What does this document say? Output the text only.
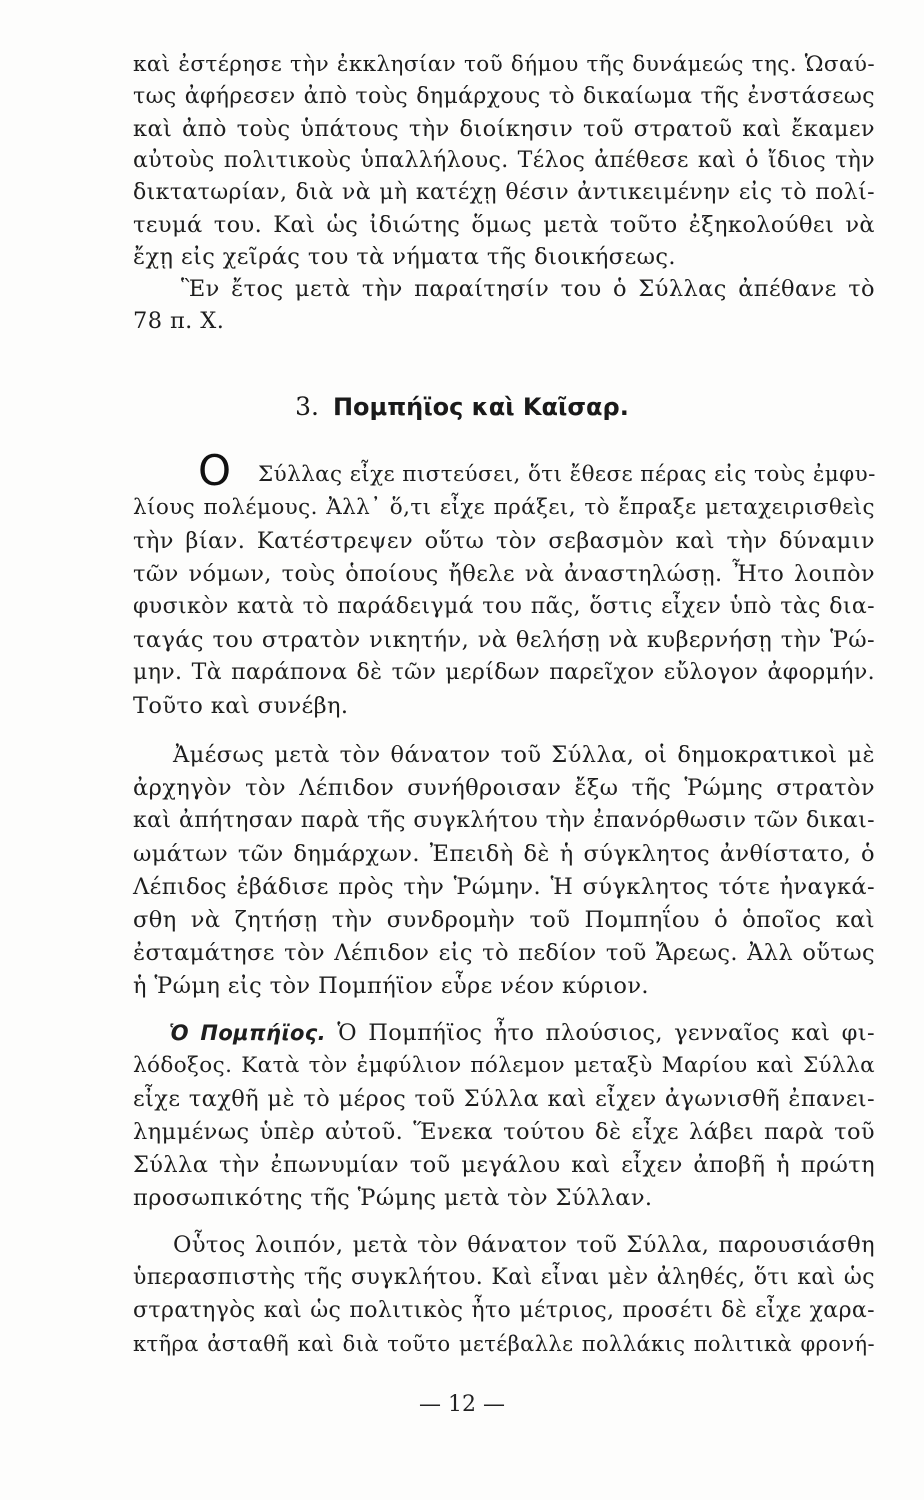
καὶ ἐστέρησε τὴν ἐκκλησίαν τοῦ δήμου τῆς δυνάμεώς της. Ὡσαύ-
τως ἀφήρεσεν ἀπὸ τοὺς δημάρχους τὸ δικαίωμα τῆς ἐνστάσεως
καὶ ἀπὸ τοὺς ὑπάτους τὴν διοίκησιν τοῦ στρατοῦ καὶ ἔκαμεν
αὐτοὺς πολιτικοὺς ὑπαλλήλους. Τέλος ἀπέθεσε καὶ ὁ ἴδιος τὴν
δικτατωρίαν, διὰ νὰ μὴ κατέχῃ θέσιν ἀντικειμένην εἰς τὸ πολί-
τευμά του. Καὶ ὡς ἰδιώτης ὅμως μετὰ τοῦτο ἐξηκολούθει νὰ
ἔχῃ εἰς χεῖράς του τὰ νήματα τῆς διοικήσεως.
Ἓν ἔτος μετὰ τὴν παραίτησίν του ὁ Σύλλας ἀπέθανε τὸ
78 π. Χ.
3. Πομπήϊος καὶ Καῖσαρ.
Ο Σύλλας εἶχε πιστεύσει, ὅτι ἔθεσε πέρας εἰς τοὺς ἐμφυ-
λίους πολέμους. Ἀλλ᾽ ὅ,τι εἶχε πράξει, τὸ ἔπραξε μεταχειρισθεὶς
τὴν βίαν. Κατέστρεψεν οὕτω τὸν σεβασμὸν καὶ τὴν δύναμιν
τῶν νόμων, τοὺς ὁποίους ἤθελε νὰ ἀναστηλώσῃ. Ἦτο λοιπὸν
φυσικὸν κατὰ τὸ παράδειγμά του πᾶς, ὅστις εἶχεν ὑπὸ τὰς δια-
ταγάς του στρατὸν νικητήν, νὰ θελήσῃ νὰ κυβερνήσῃ τὴν Ῥώ-
μην. Τὰ παράπονα δὲ τῶν μερίδων παρεῖχον εὔλογον ἀφορμήν.
Τοῦτο καὶ συνέβη.
Ἀμέσως μετὰ τὸν θάνατον τοῦ Σύλλα, οἱ δημοκρατικοὶ μὲ
ἀρχηγὸν τὸν Λέπιδον συνήθροισαν ἔξω τῆς Ῥώμης στρατὸν
καὶ ἀπήτησαν παρὰ τῆς συγκλήτου τὴν ἐπανόρθωσιν τῶν δικαι-
ωμάτων τῶν δημάρχων. Ἐπειδὴ δὲ ἡ σύγκλητος ἀνθίστατο, ὁ
Λέπιδος ἐβάδισε πρὸς τὴν Ῥώμην. Ἡ σύγκλητος τότε ἠναγκά-
σθη νὰ ζητήσῃ τὴν συνδρομὴν τοῦ Πομπηΐου ὁ ὁποῖος καὶ
ἐσταμάτησε τὸν Λέπιδον εἰς τὸ πεδίον τοῦ Ἄρεως. Ἀλλ οὕτως
ἡ Ῥώμη εἰς τὸν Πομπήϊον εὗρε νέον κύριον.
Ὁ Πομπήϊος. Ὁ Πομπήϊος ἦτο πλούσιος, γενναῖος καὶ φι-
λόδοξος. Κατὰ τὸν ἐμφύλιον πόλεμον μεταξὺ Μαρίου καὶ Σύλλα
εἶχε ταχθῆ μὲ τὸ μέρος τοῦ Σύλλα καὶ εἶχεν ἀγωνισθῆ ἐπανει-
λημμένως ὑπὲρ αὐτοῦ. Ἕνεκα τούτου δὲ εἶχε λάβει παρὰ τοῦ
Σύλλα τὴν ἐπωνυμίαν τοῦ μεγάλου καὶ εἶχεν ἀποβῆ ἡ πρώτη
προσωπικότης τῆς Ῥώμης μετὰ τὸν Σύλλαν.
Οὗτος λοιπόν, μετὰ τὸν θάνατον τοῦ Σύλλα, παρουσιάσθη
ὑπερασπιστὴς τῆς συγκλήτου. Καὶ εἶναι μὲν ἀληθές, ὅτι καὶ ὡς
στρατηγὸς καὶ ὡς πολιτικὸς ἦτο μέτριος, προσέτι δὲ εἶχε χαρα-
κτῆρα ἀσταθῆ καὶ διὰ τοῦτο μετέβαλλε πολλάκις πολιτικὰ φρονή-
— 12 —
